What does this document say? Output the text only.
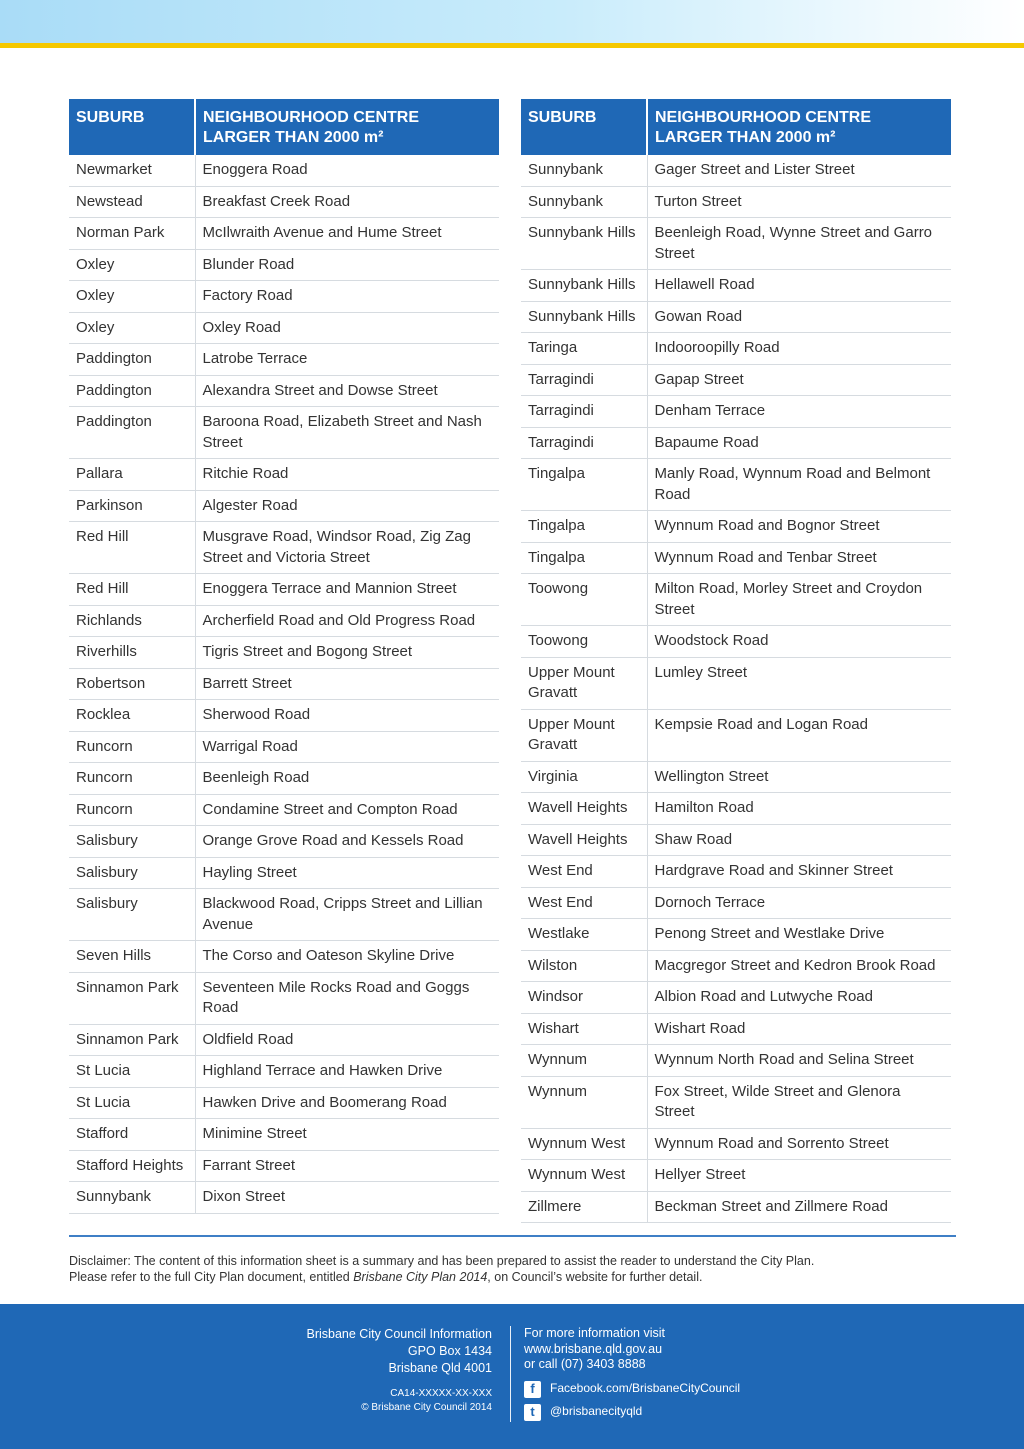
SUBURB	NEIGHBOURHOOD CENTRE
LARGER THAN 2000 m²
Newmarket	Enoggera Road
Newstead	Breakfast Creek Road
Norman Park	McIlwraith Avenue and Hume Street
Oxley	Blunder Road
Oxley	Factory Road
Oxley	Oxley Road
Paddington	Latrobe Terrace
Paddington	Alexandra Street and Dowse Street
Paddington	Baroona Road, Elizabeth Street and Nash Street
Pallara	Ritchie Road
Parkinson	Algester Road
Red Hill	Musgrave Road, Windsor Road, Zig Zag Street and Victoria Street
Red Hill	Enoggera Terrace and Mannion Street
Richlands	Archerfield Road and Old Progress Road
Riverhills	Tigris Street and Bogong Street
Robertson	Barrett Street
Rocklea	Sherwood Road
Runcorn	Warrigal Road
Runcorn	Beenleigh Road
Runcorn	Condamine Street and Compton Road
Salisbury	Orange Grove Road and Kessels Road
Salisbury	Hayling Street
Salisbury	Blackwood Road, Cripps Street and Lillian Avenue
Seven Hills	The Corso and Oateson Skyline Drive
Sinnamon Park	Seventeen Mile Rocks Road and Goggs Road
Sinnamon Park	Oldfield Road
St Lucia	Highland Terrace and Hawken Drive
St Lucia	Hawken Drive and Boomerang Road
Stafford	Minimine Street
Stafford Heights	Farrant Street
Sunnybank	Dixon Street
SUBURB	NEIGHBOURHOOD CENTRE
LARGER THAN 2000 m²
Sunnybank	Gager Street and Lister Street
Sunnybank	Turton Street
Sunnybank Hills	Beenleigh Road, Wynne Street and Garro Street
Sunnybank Hills	Hellawell Road
Sunnybank Hills	Gowan Road
Taringa	Indooroopilly Road
Tarragindi	Gapap Street
Tarragindi	Denham Terrace
Tarragindi	Bapaume Road
Tingalpa	Manly Road, Wynnum Road and Belmont Road
Tingalpa	Wynnum Road and Bognor Street
Tingalpa	Wynnum Road and Tenbar Street
Toowong	Milton Road, Morley Street and Croydon Street
Toowong	Woodstock Road
Upper Mount Gravatt	Lumley Street
Upper Mount Gravatt	Kempsie Road and Logan Road
Virginia	Wellington Street
Wavell Heights	Hamilton Road
Wavell Heights	Shaw Road
West End	Hardgrave Road and Skinner Street
West End	Dornoch Terrace
Westlake	Penong Street and Westlake Drive
Wilston	Macgregor Street and Kedron Brook Road
Windsor	Albion Road and Lutwyche Road
Wishart	Wishart Road
Wynnum	Wynnum North Road and Selina Street
Wynnum	Fox Street, Wilde Street and Glenora Street
Wynnum West	Wynnum Road and Sorrento Street
Wynnum West	Hellyer Street
Zillmere	Beckman Street and Zillmere Road
Disclaimer: The content of this information sheet is a summary and has been prepared to assist the reader to understand the City Plan.
Please refer to the full City Plan document, entitled Brisbane City Plan 2014, on Council’s website for further detail.
Brisbane City Council Information
GPO Box 1434
Brisbane Qld 4001
CA14-XXXXX-XX-XXX
© Brisbane City Council 2014
For more information visit
www.brisbane.qld.gov.au
or call (07) 3403 8888
f	Facebook.com/BrisbaneCityCouncil
t	@brisbanecityqld
